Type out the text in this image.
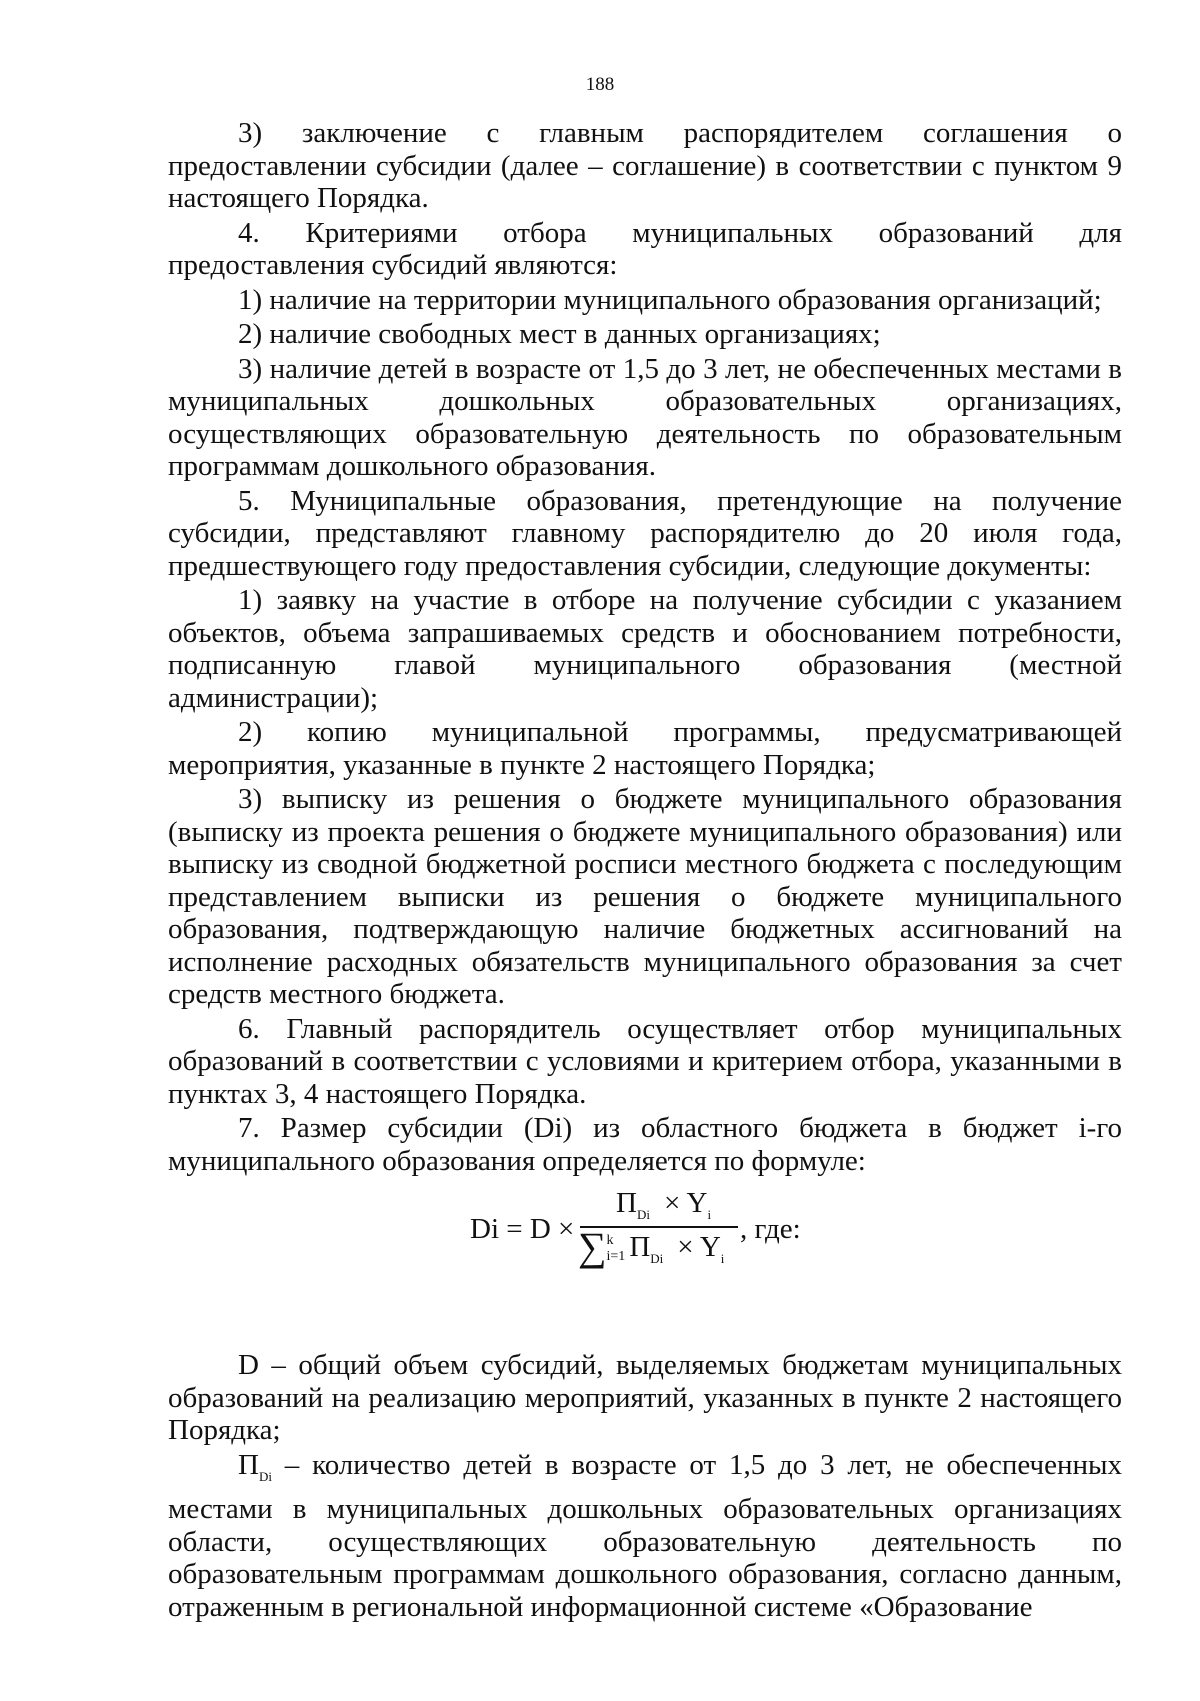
188

3) заключение с главным распорядителем соглашения о предоставлении субсидии (далее – соглашение) в соответствии с пунктом 9 настоящего Порядка.

4. Критериями отбора муниципальных образований для предоставления субсидий являются:

1) наличие на территории муниципального образования организаций;

2) наличие свободных мест в данных организациях;

3) наличие детей в возрасте от 1,5 до 3 лет, не обеспеченных местами в муниципальных дошкольных образовательных организациях, осуществляющих образовательную деятельность по образовательным программам дошкольного образования.

5. Муниципальные образования, претендующие на получение субсидии, представляют главному распорядителю до 20 июля года, предшествующего году предоставления субсидии, следующие документы:

1) заявку на участие в отборе на получение субсидии с указанием объектов, объема запрашиваемых средств и обоснованием потребности, подписанную главой муниципального образования (местной администрации);

2) копию муниципальной программы, предусматривающей мероприятия, указанные в пункте 2 настоящего Порядка;

3) выписку из решения о бюджете муниципального образования (выписку из проекта решения о бюджете муниципального образования) или выписку из сводной бюджетной росписи местного бюджета с последующим представлением выписки из решения о бюджете муниципального образования, подтверждающую наличие бюджетных ассигнований на исполнение расходных обязательств муниципального образования за счет средств местного бюджета.

6. Главный распорядитель осуществляет отбор муниципальных образований в соответствии с условиями и критерием отбора, указанными в пунктах 3, 4 настоящего Порядка.

7. Размер субсидии (Di) из областного бюджета в бюджет i-го муниципального образования определяется по формуле:

Di = D ×
$П_{Di} \times Y_i$
∑ k
i=1 $П_{Di} \times Y_i$
, где:

D – общий объем субсидий, выделяемых бюджетам муниципальных образований на реализацию мероприятий, указанных в пункте 2 настоящего Порядка;

$П_{Di}$ – количество детей в возрасте от 1,5 до 3 лет, не обеспеченных местами в муниципальных дошкольных образовательных организациях области, осуществляющих образовательную деятельность по образовательным программам дошкольного образования, согласно данным, отраженным в региональной информационной системе «Образование
